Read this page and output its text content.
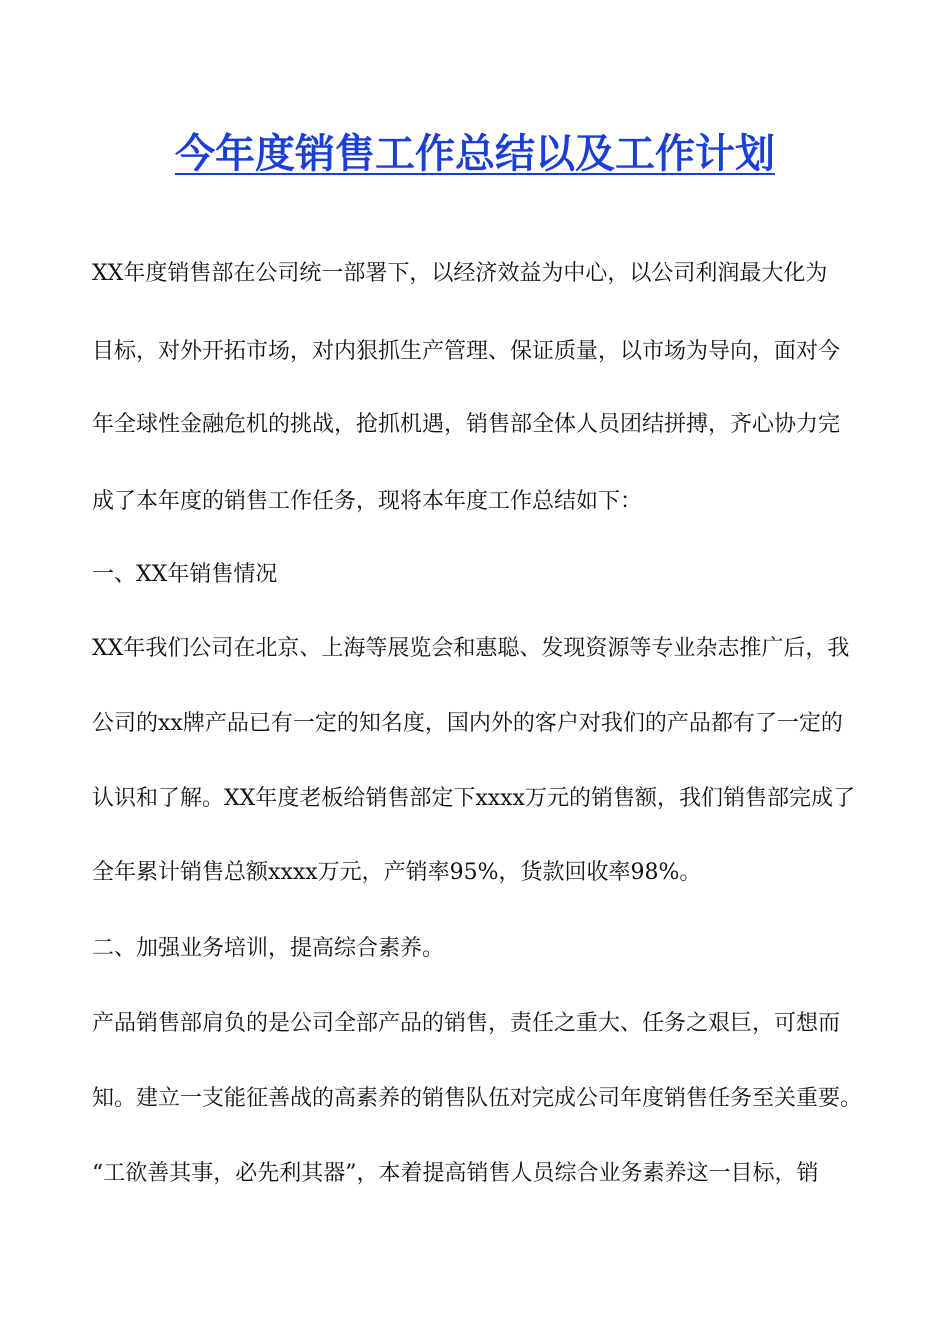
今年度销售工作总结以及工作计划

XX年度销售部在公司统一部署下，以经济效益为中心，以公司利润最大化为

目标，对外开拓市场，对内狠抓生产管理、保证质量，以市场为导向，面对今

年全球性金融危机的挑战，抢抓机遇，销售部全体人员团结拼搏，齐心协力完

成了本年度的销售工作任务，现将本年度工作总结如下：

一、XX年销售情况

XX年我们公司在北京、上海等展览会和惠聪、发现资源等专业杂志推广后，我

公司的xx牌产品已有一定的知名度，国内外的客户对我们的产品都有了一定的

认识和了解。XX年度老板给销售部定下xxxx万元的销售额，我们销售部完成了

全年累计销售总额xxxx万元，产销率95%，货款回收率98%。

二、加强业务培训，提高综合素养。

产品销售部肩负的是公司全部产品的销售，责任之重大、任务之艰巨，可想而

知。建立一支能征善战的高素养的销售队伍对完成公司年度销售任务至关重要。

“工欲善其事，必先利其器”，本着提高销售人员综合业务素养这一目标，销
